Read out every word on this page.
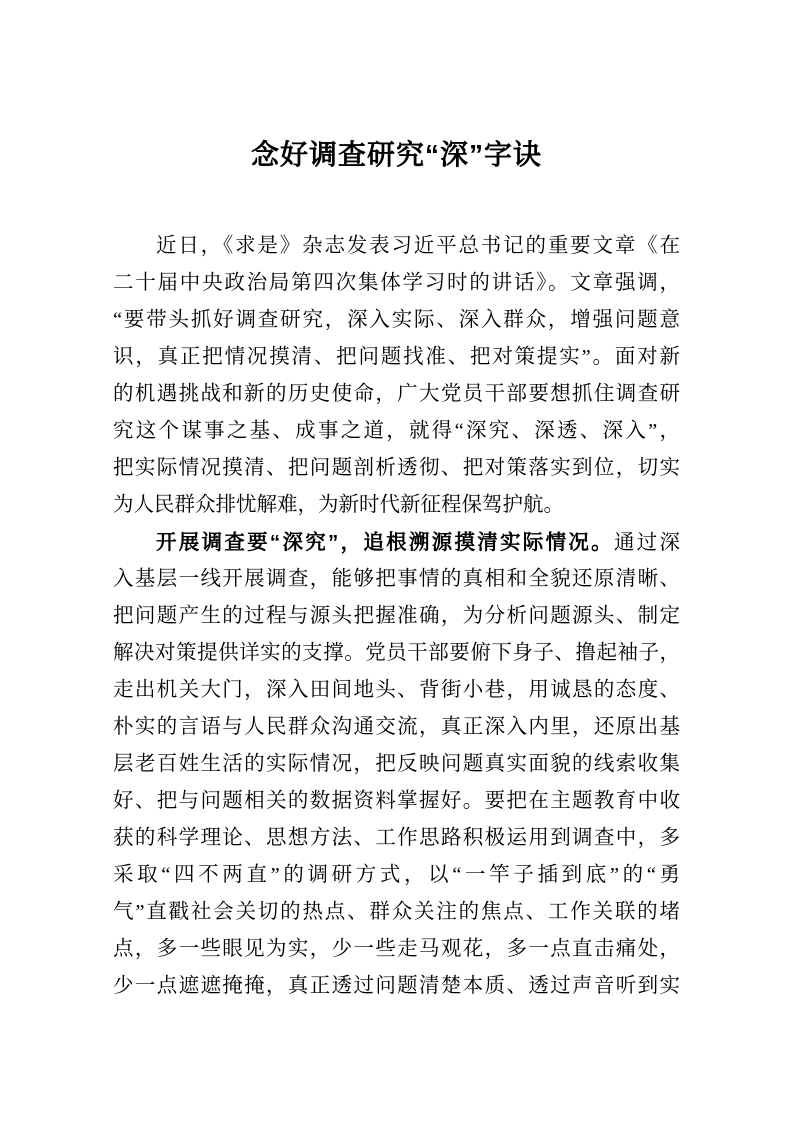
念好调查研究“深”字诀
近日，《求是》杂志发表习近平总书记的重要文章《在
二十届中央政治局第四次集体学习时的讲话》。文章强调，
“要带头抓好调查研究，深入实际、深入群众，增强问题意
识，真正把情况摸清、把问题找准、把对策提实”。面对新
的机遇挑战和新的历史使命，广大党员干部要想抓住调查研
究这个谋事之基、成事之道，就得“深究、深透、深入”，
把实际情况摸清、把问题剖析透彻、把对策落实到位，切实
为人民群众排忧解难，为新时代新征程保驾护航。
开展调查要“深究”，追根溯源摸清实际情况。通过深
入基层一线开展调查，能够把事情的真相和全貌还原清晰、
把问题产生的过程与源头把握准确，为分析问题源头、制定
解决对策提供详实的支撑。党员干部要俯下身子、撸起袖子，
走出机关大门，深入田间地头、背街小巷，用诚恳的态度、
朴实的言语与人民群众沟通交流，真正深入内里，还原出基
层老百姓生活的实际情况，把反映问题真实面貌的线索收集
好、把与问题相关的数据资料掌握好。要把在主题教育中收
获的科学理论、思想方法、工作思路积极运用到调查中，多
采取“四不两直”的调研方式，以“一竿子插到底”的“勇
气”直戳社会关切的热点、群众关注的焦点、工作关联的堵
点，多一些眼见为实，少一些走马观花，多一点直击痛处，
少一点遮遮掩掩，真正透过问题清楚本质、透过声音听到实
